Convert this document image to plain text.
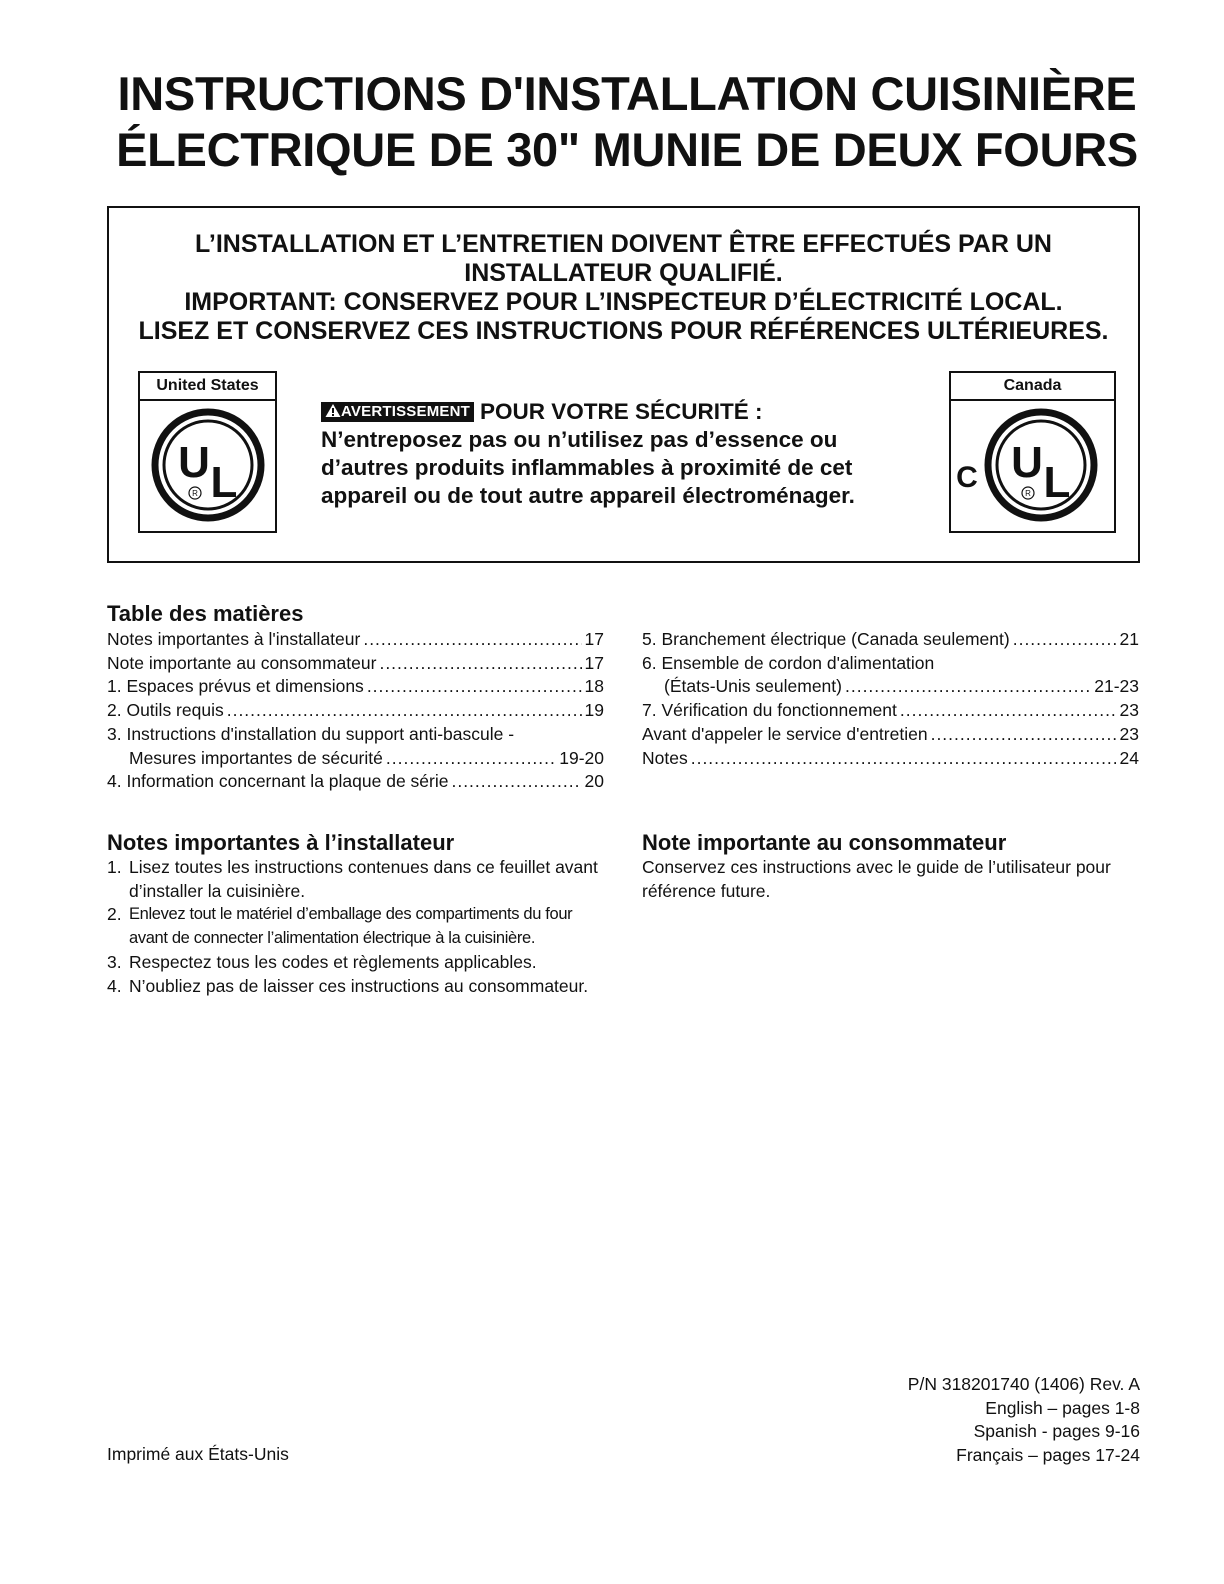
INSTRUCTIONS D'INSTALLATION CUISINIÈRE
ÉLECTRIQUE DE 30" MUNIE DE DEUX FOURS
L’INSTALLATION ET L’ENTRETIEN DOIVENT ÊTRE EFFECTUÉS PAR UN
INSTALLATEUR QUALIFIÉ.
IMPORTANT: CONSERVEZ POUR L’INSPECTEUR D’ÉLECTRICITÉ LOCAL.
LISEZ ET CONSERVEZ CES INSTRUCTIONS POUR RÉFÉRENCES ULTÉRIEURES.
United States
U L
R
Canada
C U L
R
AVERTISSEMENT POUR VOTRE SÉCURITÉ :
N’entreposez pas ou n’utilisez pas d’essence ou
d’autres produits inflammables à proximité de cet
appareil ou de tout autre appareil électroménager.
Table des matières
Notes importantes à l'installateur .....	17
Note importante au consommateur .....	17
1. Espaces prévus et dimensions .....	18
2. Outils requis .....	19
3. Instructions d'installation du support anti-bascule -
Mesures importantes de sécurité .....	19-20
4. Information concernant la plaque de série .....	20
5. Branchement électrique (Canada seulement) .....	21
6. Ensemble de cordon d'alimentation
(États-Unis seulement) .....	21-23
7. Vérification du fonctionnement .....	23
Avant d'appeler le service d'entretien .....	23
Notes .....	24
Notes importantes à l’installateur
1. Lisez toutes les instructions contenues dans ce feuillet avant d’installer la cuisinière.
2. Enlevez tout le matériel d’emballage des compartiments du four avant de connecter l’alimentation électrique à la cuisinière.
3. Respectez tous les codes et règlements applicables.
4. N’oubliez pas de laisser ces instructions au consommateur.
Note importante au consommateur
Conservez ces instructions avec le guide de l’utilisateur pour référence future.
P/N 318201740 (1406) Rev. A
English – pages 1-8
Spanish - pages 9-16
Français – pages 17-24
Imprimé aux États-Unis
